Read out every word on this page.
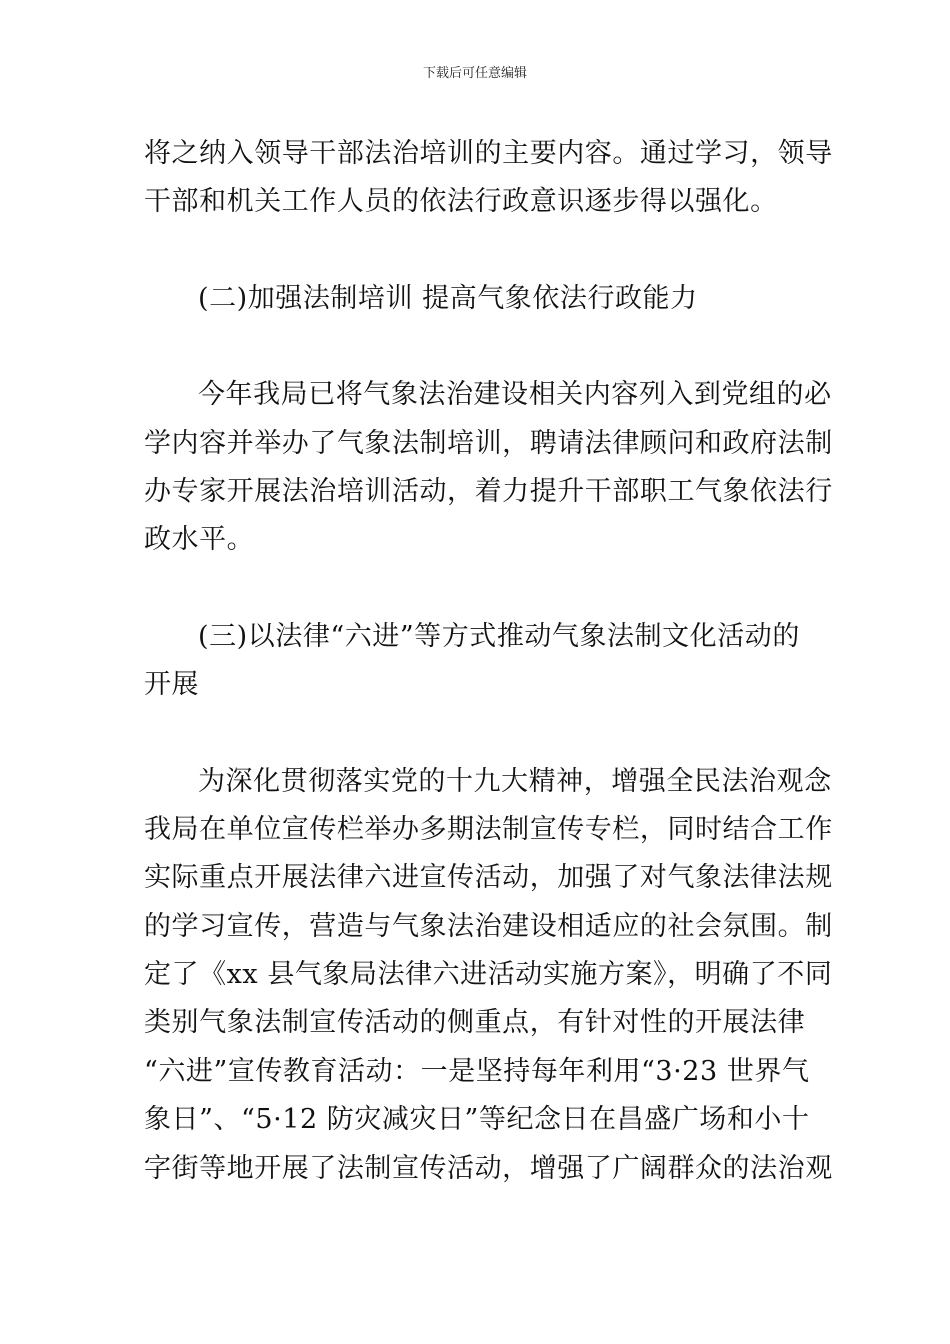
下载后可任意编辑
将之纳入领导干部法治培训的主要内容。通过学习，领导
干部和机关工作人员的依法行政意识逐步得以强化。
(二)加强法制培训 提高气象依法行政能力
今年我局已将气象法治建设相关内容列入到党组的必
学内容并举办了气象法制培训，聘请法律顾问和政府法制
办专家开展法治培训活动，着力提升干部职工气象依法行
政水平。
(三)以法律“六进”等方式推动气象法制文化活动的
开展
为深化贯彻落实党的十九大精神，增强全民法治观念
我局在单位宣传栏举办多期法制宣传专栏，同时结合工作
实际重点开展法律六进宣传活动，加强了对气象法律法规
的学习宣传，营造与气象法治建设相适应的社会氛围。制
定了《xx 县气象局法律六进活动实施方案》，明确了不同
类别气象法制宣传活动的侧重点，有针对性的开展法律
“六进”宣传教育活动：一是坚持每年利用“3·23 世界气
象日”、“5·12 防灾减灾日”等纪念日在昌盛广场和小十
字街等地开展了法制宣传活动，增强了广阔群众的法治观
